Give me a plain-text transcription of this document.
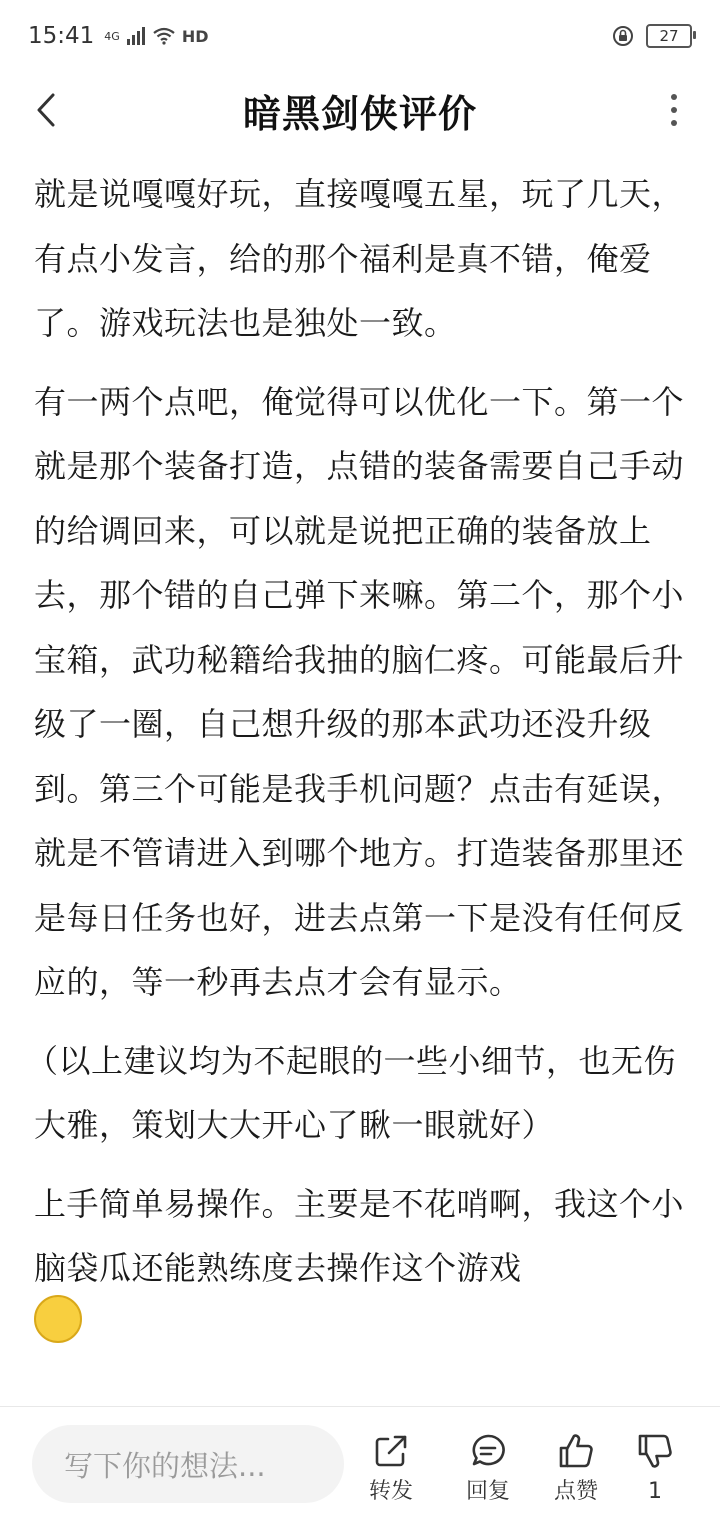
15:41 4G	HD	27
暗黑剑侠评价

就是说嘎嘎好玩，直接嘎嘎五星，玩了几天，有点小发言，给的那个福利是真不错，俺爱了。游戏玩法也是独处一致。

有一两个点吧，俺觉得可以优化一下。第一个就是那个装备打造，点错的装备需要自己手动的给调回来，可以就是说把正确的装备放上去，那个错的自己弹下来嘛。第二个，那个小宝箱，武功秘籍给我抽的脑仁疼。可能最后升级了一圈，自己想升级的那本武功还没升级到。第三个可能是我手机问题？点击有延误，就是不管请进入到哪个地方。打造装备那里还是每日任务也好，进去点第一下是没有任何反应的，等一秒再去点才会有显示。

（以上建议均为不起眼的一些小细节，也无伤大雅，策划大大开心了瞅一眼就好）

上手简单易操作。主要是不花哨啊，我这个小脑袋瓜还能熟练度去操作这个游戏

写下你的想法...
转发 回复 点赞 1
